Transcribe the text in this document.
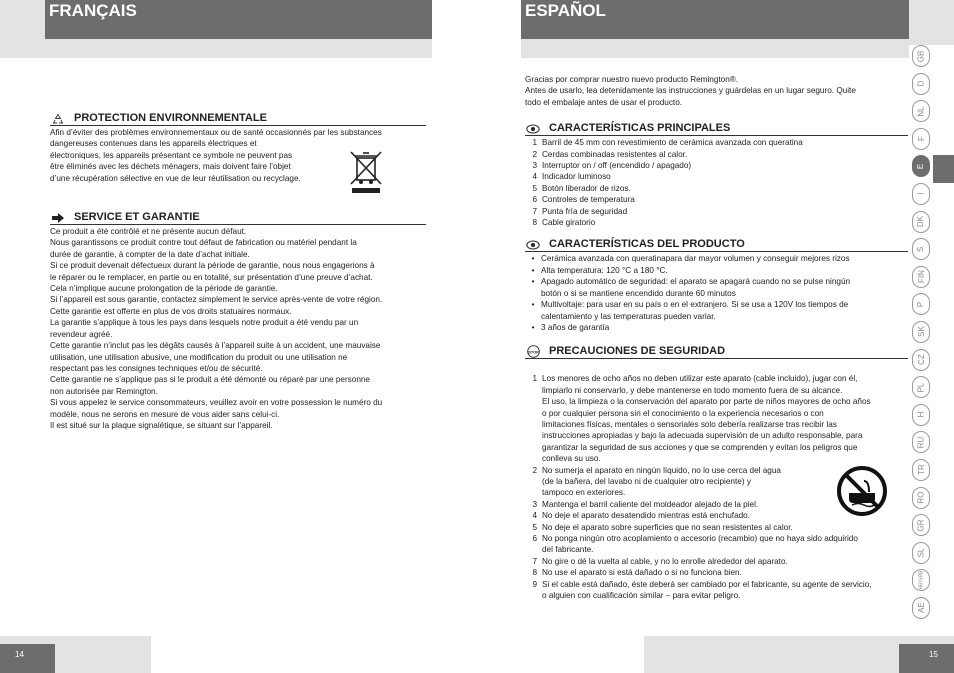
FRANÇAIS	ESPAÑOL
PROTECTION ENVIRONNEMENTALE
Afin d’éviter des problèmes environnementaux ou de santé occasionnés par les substances
dangereuses contenues dans les appareils électriques et
électroniques, les appareils présentant ce symbole ne peuvent pas
être éliminés avec les déchets ménagers, mais doivent faire l’objet
d’une récupération sélective en vue de leur réutilisation ou recyclage.
SERVICE ET GARANTIE
Ce produit a été contrôlé et ne présente aucun défaut.
Nous garantissons ce produit contre tout défaut de fabrication ou matériel pendant la
durée de garantie, à compter de la date d’achat initiale.
Si ce produit devenait défectueux durant la période de garantie, nous nous engagerions à
le réparer ou le remplacer, en partie ou en totalité, sur présentation d’une preuve d’achat.
Cela n’implique aucune prolongation de la période de garantie.
Si l’appareil est sous garantie, contactez simplement le service après-vente de votre région.
Cette garantie est offerte en plus de vos droits statuaires normaux.
La garantie s’applique à tous les pays dans lesquels notre produit a été vendu par un
revendeur agréé.
Cette garantie n’inclut pas les dégâts causés à l’appareil suite à un accident, une mauvaise
utilisation, une utilisation abusive, une modification du produit ou une utilisation ne
respectant pas les consignes techniques et/ou de sécurité.
Cette garantie ne s’applique pas si le produit a été démonté ou réparé par une personne
non autorisée par Remington.
Si vous appelez le service consommateurs, veuillez avoir en votre possession le numéro du
modèle, nous ne serons en mesure de vous aider sans celui-ci.
Il est situé sur la plaque signalétique, se situant sur l’appareil.
Gracias por comprar nuestro nuevo producto Remington®.
Antes de usarlo, lea detenidamente las instrucciones y guárdelas en un lugar seguro. Quite
todo el embalaje antes de usar el producto.
CARACTERÍSTICAS PRINCIPALES
1 Barril de 45 mm con revestimiento de cerámica avanzada con queratina
2 Cerdas combinadas resistentes al calor.
3 Interruptor on / off (encendido / apagado)
4 Indicador luminoso
5 Botón liberador de rizos.
6 Controles de temperatura
7 Punta fría de seguridad
8 Cable giratorio
CARACTERÍSTICAS DEL PRODUCTO
• Cerámica avanzada con queratinapara dar mayor volumen y conseguir mejores rizos
• Alta temperatura: 120 °C a 180 °C.
• Apagado automático de seguridad: el aparato se apagará cuando no se pulse ningún
botón o si se mantiene encendido durante 60 minutos
• Multivoltaje: para usar en su país o en el extranjero. Si se usa a 120V los tiempos de
calentamiento y las temperaturas pueden variar.
• 3 años de garantía
STOP PRECAUCIONES DE SEGURIDAD
1 Los menores de ocho años no deben utilizar este aparato (cable incluido), jugar con él,
limpiarlo ni conservarlo, y debe mantenerse en todo momento fuera de su alcance.
El uso, la limpieza o la conservación del aparato por parte de niños mayores de ocho años
o por cualquier persona sin el conocimiento o la experiencia necesarios o con
limitaciones físicas, mentales o sensoriales solo debería realizarse tras recibir las
instrucciones apropiadas y bajo la adecuada supervisión de un adulto responsable, para
garantizar la seguridad de sus acciones y que se comprenden y evitan los peligros que
conlleva su uso.
2 No sumerja el aparato en ningún líquido, no lo use cerca del agua
(de la bañera, del lavabo ni de cualquier otro recipiente) y
tampoco en exteriores.
3 Mantenga el barril caliente del moldeador alejado de la piel.
4 No deje el aparato desatendido mientras está enchufado.
5 No deje el aparato sobre superficies que no sean resistentes al calor.
6 No ponga ningún otro acoplamiento o accesorio (recambio) que no haya sido adquirido
del fabricante.
7 No gire o dé la vuelta al cable, y no lo enrolle alrededor del aparato.
8 No use el aparato si está dañado o si no funciona bien.
9 Si el cable está dañado, éste deberá ser cambiado por el fabricante, su agente de servicio,
o alguien con cualificación similar – para evitar peligro.
GB
D
NL
F
E
I
DK
S
FIN
P
SK
CZ
PL
H
RU
TR
RO
GR
SL
HR/SRB
AE
14	15
